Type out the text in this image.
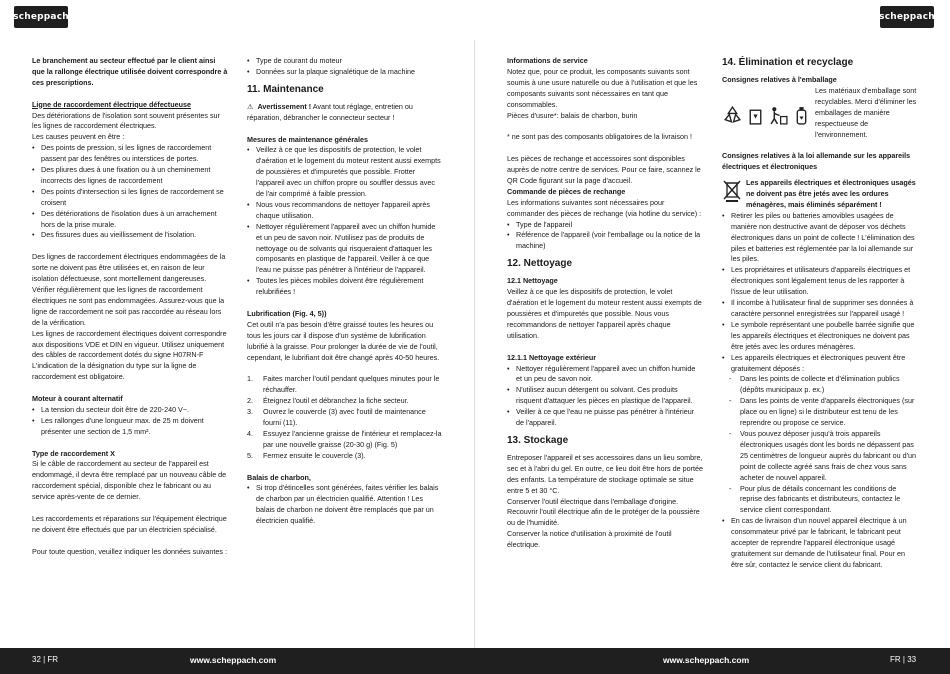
scheppach	scheppach

Le branchement au secteur effectué par le client ainsi que la rallonge électrique utilisée doivent correspondre à ces prescriptions.

Ligne de raccordement électrique défectueuse

Des détériorations de l'isolation sont souvent présentes sur les lignes de raccordement électriques.

Les causes peuvent en être :

• Des points de pression, si les lignes de raccordement passent par des fenêtres ou interstices de portes.
• Des pliures dues à une fixation ou à un cheminement incorrects des lignes de raccordement
• Des points d'intersection si les lignes de raccordement se croisent
• Des détériorations de l'isolation dues à un arrachement hors de la prise murale.
• Des fissures dues au vieillissement de l'isolation.

Des lignes de raccordement électriques endommagées de la sorte ne doivent pas être utilisées et, en raison de leur isolation défectueuse, sont mortellement dangereuses.

Vérifier régulièrement que les lignes de raccordement électriques ne sont pas endommagées. Assurez-vous que la ligne de raccordement ne soit pas raccordée au réseau lors de la vérification.

Les lignes de raccordement électriques doivent correspondre aux dispositions VDE et DIN en vigueur. Utilisez uniquement des câbles de raccordement dotés du signe H07RN-F

L'indication de la désignation du type sur la ligne de raccordement est obligatoire.

Moteur à courant alternatif

• La tension du secteur doit être de 220-240 V~.
• Les rallonges d'une longueur max. de 25 m doivent présenter une section de 1,5 mm².

Type de raccordement X

Si le câble de raccordement au secteur de l'appareil est endommagé, il devra être remplacé par un nouveau câble de raccordement spécial, disponible chez le fabricant ou au service après-vente de ce dernier.

Les raccordements et réparations sur l'équipement électrique ne doivent être effectués que par un électricien spécialisé.

Pour toute question, veuillez indiquer les données suivantes :

• Type de courant du moteur
• Données sur la plaque signalétique de la machine
11. Maintenance

⚠ Avertissement ! Avant tout réglage, entretien ou réparation, débrancher le connecteur secteur !

Mesures de maintenance générales

• Veillez à ce que les dispositifs de protection, le volet d'aération et le logement du moteur restent aussi exempts de poussières et d'impuretés que possible. Frotter l'appareil avec un chiffon propre ou souffler dessus avec de l'air comprimé à faible pression.
• Nous vous recommandons de nettoyer l'appareil après chaque utilisation.
• Nettoyer régulièrement l'appareil avec un chiffon humide et un peu de savon noir. N'utilisez pas de produits de nettoyage ou de solvants qui risqueraient d'attaquer les composants en plastique de l'appareil. Veiller à ce que l'eau ne puisse pas pénétrer à l'intérieur de l'appareil.
• Toutes les pièces mobiles doivent être régulièrement relubrifiées !

Lubrification (Fig. 4, 5))

Cet outil n'a pas besoin d'être graissé toutes les heures ou tous les jours car il dispose d'un système de lubrification lubrifié à la graisse. Pour prolonger la durée de vie de l'outil, cependant, le lubrifiant doit être changé après 40-50 heures.

1.	Faites marcher l'outil pendant quelques minutes pour le réchauffer.
2.	Éteignez l'outil et débranchez la fiche secteur.
3.	Ouvrez le couvercle (3) avec l'outil de maintenance fourni (11).
4.	Essuyez l'ancienne graisse de l'intérieur et remplacez-la par une nouvelle graisse (20-30 g) (Fig. 5)
5.	Fermez ensuite le couvercle (3).

Balais de charbon,

• Si trop d'étincelles sont générées, faites vérifier les balais de charbon par un électricien qualifié. Attention ! Les balais de charbon ne doivent être remplacés que par un électricien qualifié.

Informations de service

Notez que, pour ce produit, les composants suivants sont soumis à une usure naturelle ou due à l'utilisation et que les composants suivants sont nécessaires en tant que consommables.

Pièces d'usure*: balais de charbon, burin

* ne sont pas des composants obligatoires de la livraison !

Les pièces de rechange et accessoires sont disponibles auprès de notre centre de services. Pour ce faire, scannez le QR Code figurant sur la page d'accueil.

Commande de pièces de rechange

Les informations suivantes sont nécessaires pour commander des pièces de rechange (via hotline du service) :

• Type de l'appareil
• Référence de l'appareil (voir l'emballage ou la notice de la machine)
12. Nettoyage

12.1 Nettoyage

Veillez à ce que les dispositifs de protection, le volet d'aération et le logement du moteur restent aussi exempts de poussières et d'impuretés que possible. Nous vous recommandons de nettoyer l'appareil après chaque utilisation.

12.1.1 Nettoyage extérieur

• Nettoyer régulièrement l'appareil avec un chiffon humide et un peu de savon noir.
• N'utilisez aucun détergent ou solvant. Ces produits risquent d'attaquer les pièces en plastique de l'appareil.
• Veiller à ce que l'eau ne puisse pas pénétrer à l'intérieur de l'appareil.
13. Stockage

Entreposer l'appareil et ses accessoires dans un lieu sombre, sec et à l'abri du gel. En outre, ce lieu doit être hors de portée des enfants. La température de stockage optimale se situe entre 5 et 30 °C.

Conserver l'outil électrique dans l'emballage d'origine.

Recouvrir l'outil électrique afin de le protéger de la poussière ou de l'humidité.

Conserver la notice d'utilisation à proximité de l'outil électrique.

14. Élimination et recyclage

Consignes relatives à l'emballage

Les matériaux d'emballage sont recyclables. Merci d'éliminer les emballages de manière respectueuse de l'environnement.

Consignes relatives à la loi allemande sur les appareils électriques et électroniques

Les appareils électriques et électroniques usagés ne doivent pas être jetés avec les ordures ménagères, mais éliminés séparément !

• Retirer les piles ou batteries amovibles usagées de manière non destructive avant de déposer vos déchets électroniques dans un point de collecte ! L'élimination des piles et batteries est réglementée par la loi allemande sur les piles.
• Les propriétaires et utilisateurs d'appareils électriques et électroniques sont légalement tenus de les rapporter à l'issue de leur utilisation.
• Il incombe à l'utilisateur final de supprimer ses données à caractère personnel enregistrées sur l'appareil usagé !
• Le symbole représentant une poubelle barrée signifie que les appareils électriques et électroniques ne doivent pas être jetés avec les ordures ménagères.
• Les appareils électriques et électroniques peuvent être gratuitement déposés :
- Dans les points de collecte et d'élimination publics (dépôts municipaux p. ex.)
- Dans les points de vente d'appareils électroniques (sur place ou en ligne) si le distributeur est tenu de les reprendre ou propose ce service.
- Vous pouvez déposer jusqu'à trois appareils électroniques usagés dont les bords ne dépassent pas 25 centimètres de longueur auprès du fabricant ou d'un point de collecte agréé sans frais de chez vous sans acheter de nouvel appareil.
- Pour plus de détails concernant les conditions de reprise des fabricants et distributeurs, contactez le service client correspondant.
• En cas de livraison d'un nouvel appareil électrique à un consommateur privé par le fabricant, le fabricant peut accepter de reprendre l'appareil électronique usagé gratuitement sur demande de l'utilisateur final. Pour en être sûr, contactez le service client du fabricant.
32 | FR	www.scheppach.com	www.scheppach.com	FR | 33
